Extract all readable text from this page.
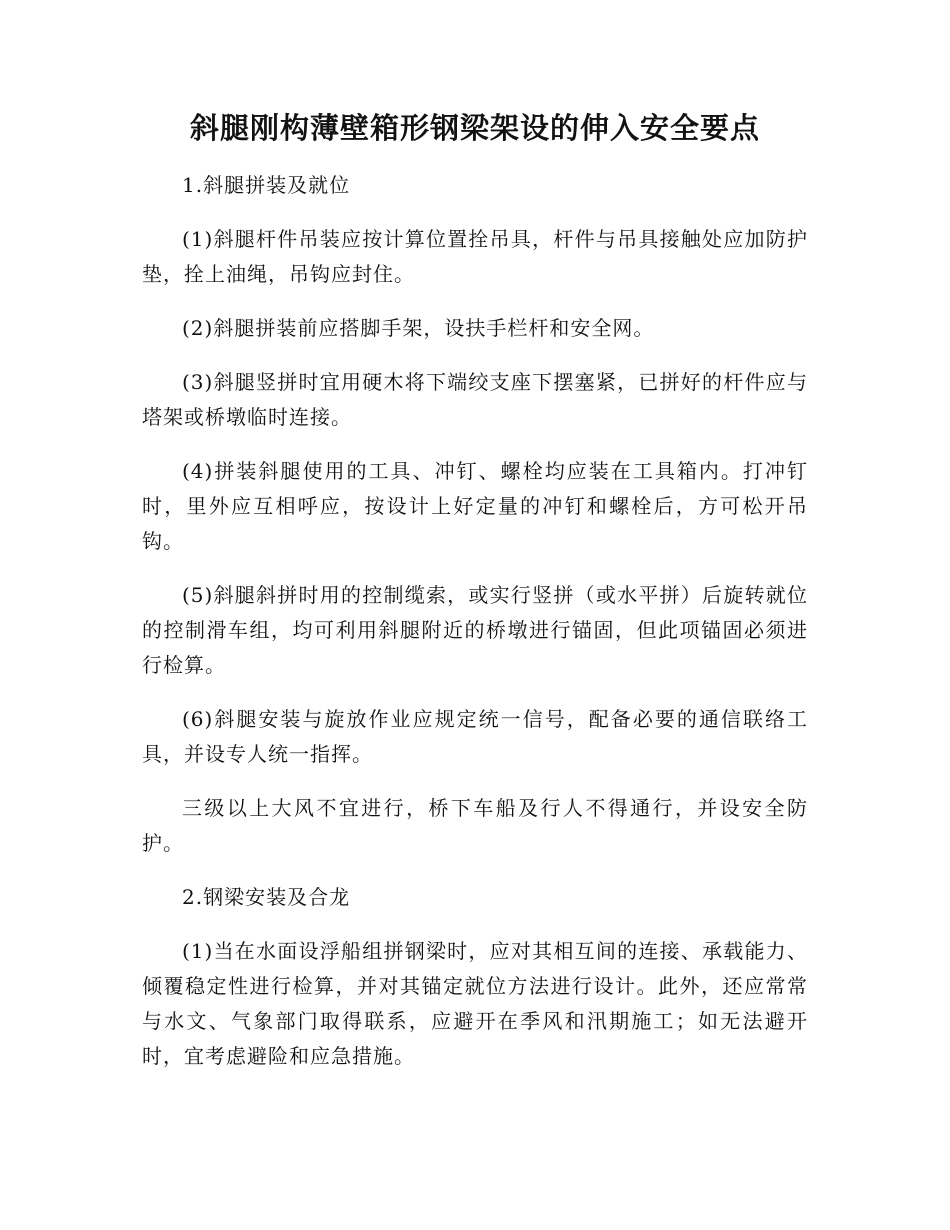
斜腿刚构薄壁箱形钢梁架设的伸入安全要点

1.斜腿拼装及就位

(1)斜腿杆件吊装应按计算位置拴吊具，杆件与吊具接触处应加防护垫，拴上油绳，吊钩应封住。

(2)斜腿拼装前应搭脚手架，设扶手栏杆和安全网。

(3)斜腿竖拼时宜用硬木将下端绞支座下摆塞紧，已拼好的杆件应与塔架或桥墩临时连接。

(4)拼装斜腿使用的工具、冲钉、螺栓均应装在工具箱内。打冲钉时，里外应互相呼应，按设计上好定量的冲钉和螺栓后，方可松开吊钩。

(5)斜腿斜拼时用的控制缆索，或实行竖拼（或水平拼）后旋转就位的控制滑车组，均可利用斜腿附近的桥墩进行锚固，但此项锚固必须进行检算。

(6)斜腿安装与旋放作业应规定统一信号，配备必要的通信联络工具，并设专人统一指挥。

三级以上大风不宜进行，桥下车船及行人不得通行，并设安全防护。

2.钢梁安装及合龙

(1)当在水面设浮船组拼钢梁时，应对其相互间的连接、承载能力、倾覆稳定性进行检算，并对其锚定就位方法进行设计。此外，还应常常与水文、气象部门取得联系，应避开在季风和汛期施工；如无法避开时，宜考虑避险和应急措施。
